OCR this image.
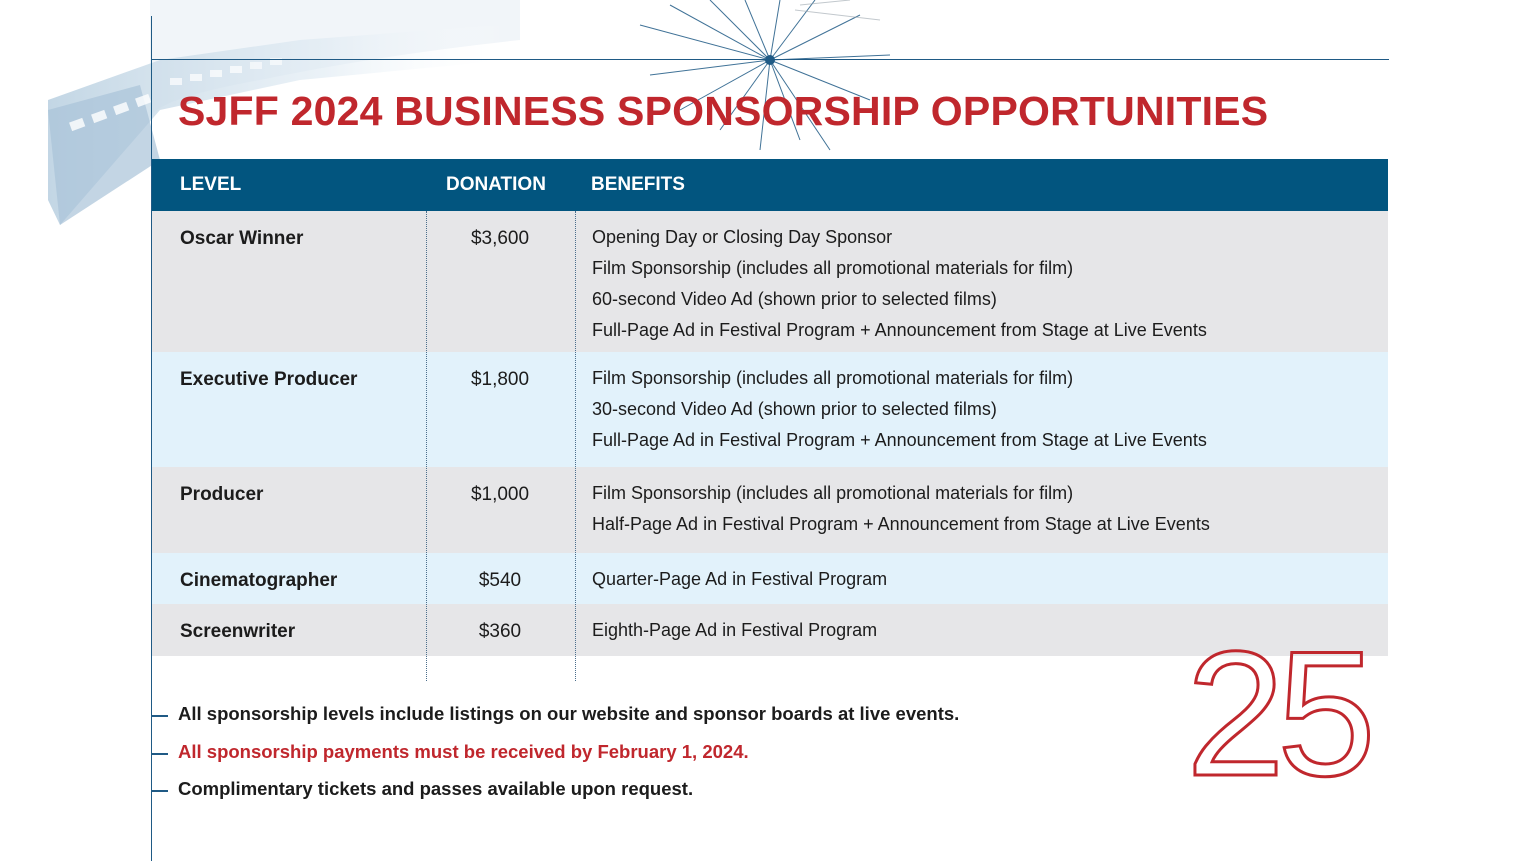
SJFF 2024 BUSINESS SPONSORSHIP OPPORTUNITIES
LEVEL	DONATION BENEFITS
Oscar Winner	$3,600	Opening Day or Closing Day Sponsor
Film Sponsorship (includes all promotional materials for film)
60-second Video Ad (shown prior to selected films)
Full-Page Ad in Festival Program + Announcement from Stage at Live Events
Executive Producer	$1,800	Film Sponsorship (includes all promotional materials for film)
30-second Video Ad (shown prior to selected films)
Full-Page Ad in Festival Program + Announcement from Stage at Live Events
Producer	$1,000	Film Sponsorship (includes all promotional materials for film)
Half-Page Ad in Festival Program + Announcement from Stage at Live Events
Cinematographer	$540	Quarter-Page Ad in Festival Program
Screenwriter	$360	Eighth-Page Ad in Festival Program 25
All sponsorship levels include listings on our website and sponsor boards at live events.
All sponsorship payments must be received by February 1, 2024.
Complimentary tickets and passes available upon request.
